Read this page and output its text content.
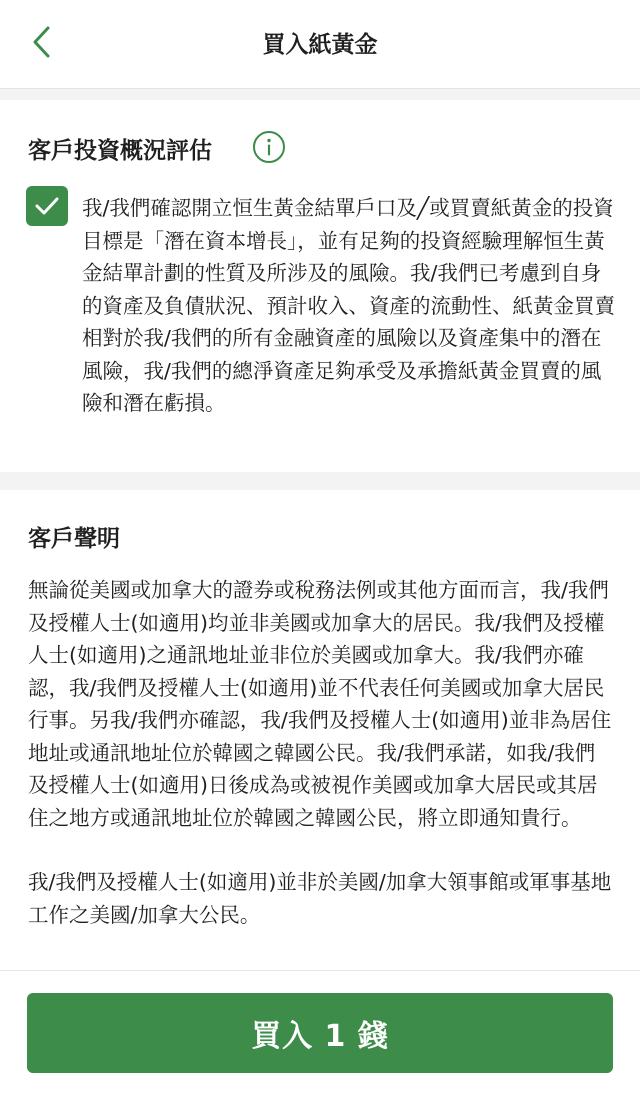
買入紙黃金
客戶投資概況評估
我/我們確認開立恒生黃金結單戶口及╱或買賣紙黃金的投資目標是「潛在資本增長」，並有足夠的投資經驗理解恒生黃金結單計劃的性質及所涉及的風險。我/我們已考慮到自身的資產及負債狀況、預計收入、資產的流動性、紙黃金買賣相對於我/我們的所有金融資產的風險以及資產集中的潛在風險，我/我們的總淨資產足夠承受及承擔紙黃金買賣的風險和潛在虧損。
客戶聲明

無論從美國或加拿大的證券或稅務法例或其他方面而言，我/我們及授權人士(如適用)均並非美國或加拿大的居民。我/我們及授權人士(如適用)之通訊地址並非位於美國或加拿大。我/我們亦確認，我/我們及授權人士(如適用)並不代表任何美國或加拿大居民行事。另我/我們亦確認，我/我們及授權人士(如適用)並非為居住地址或通訊地址位於韓國之韓國公民。我/我們承諾，如我/我們及授權人士(如適用)日後成為或被視作美國或加拿大居民或其居住之地方或通訊地址位於韓國之韓國公民，將立即通知貴行。

我/我們及授權人士(如適用)並非於美國/加拿大領事館或軍事基地工作之美國/加拿大公民。

買入 1 錢
